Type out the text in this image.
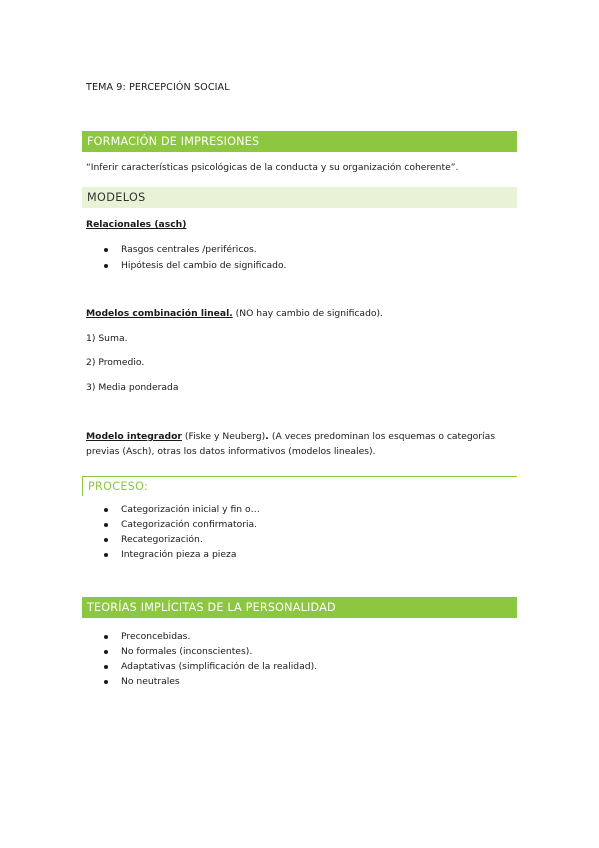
TEMA 9: PERCEPCIÓN SOCIAL
FORMACIÓN DE IMPRESIONES
“Inferir características psicológicas de la conducta y su organización coherente”.
MODELOS
Relacionales (asch)
Rasgos centrales /periféricos.
Hipótesis del cambio de significado.
Modelos combinación lineal. (NO hay cambio de significado).
1) Suma.
2) Promedio.
3) Media ponderada
Modelo integrador (Fiske y Neuberg). (A veces predominan los esquemas o categorías
previas (Asch), otras los datos informativos (modelos lineales).
PROCESO:
Categorización inicial y fin o…
Categorización confirmatoria.
Recategorización.
Integración pieza a pieza
TEORÍAS IMPLÍCITAS DE LA PERSONALIDAD
Preconcebidas.
No formales (inconscientes).
Adaptativas (simplificación de la realidad).
No neutrales
